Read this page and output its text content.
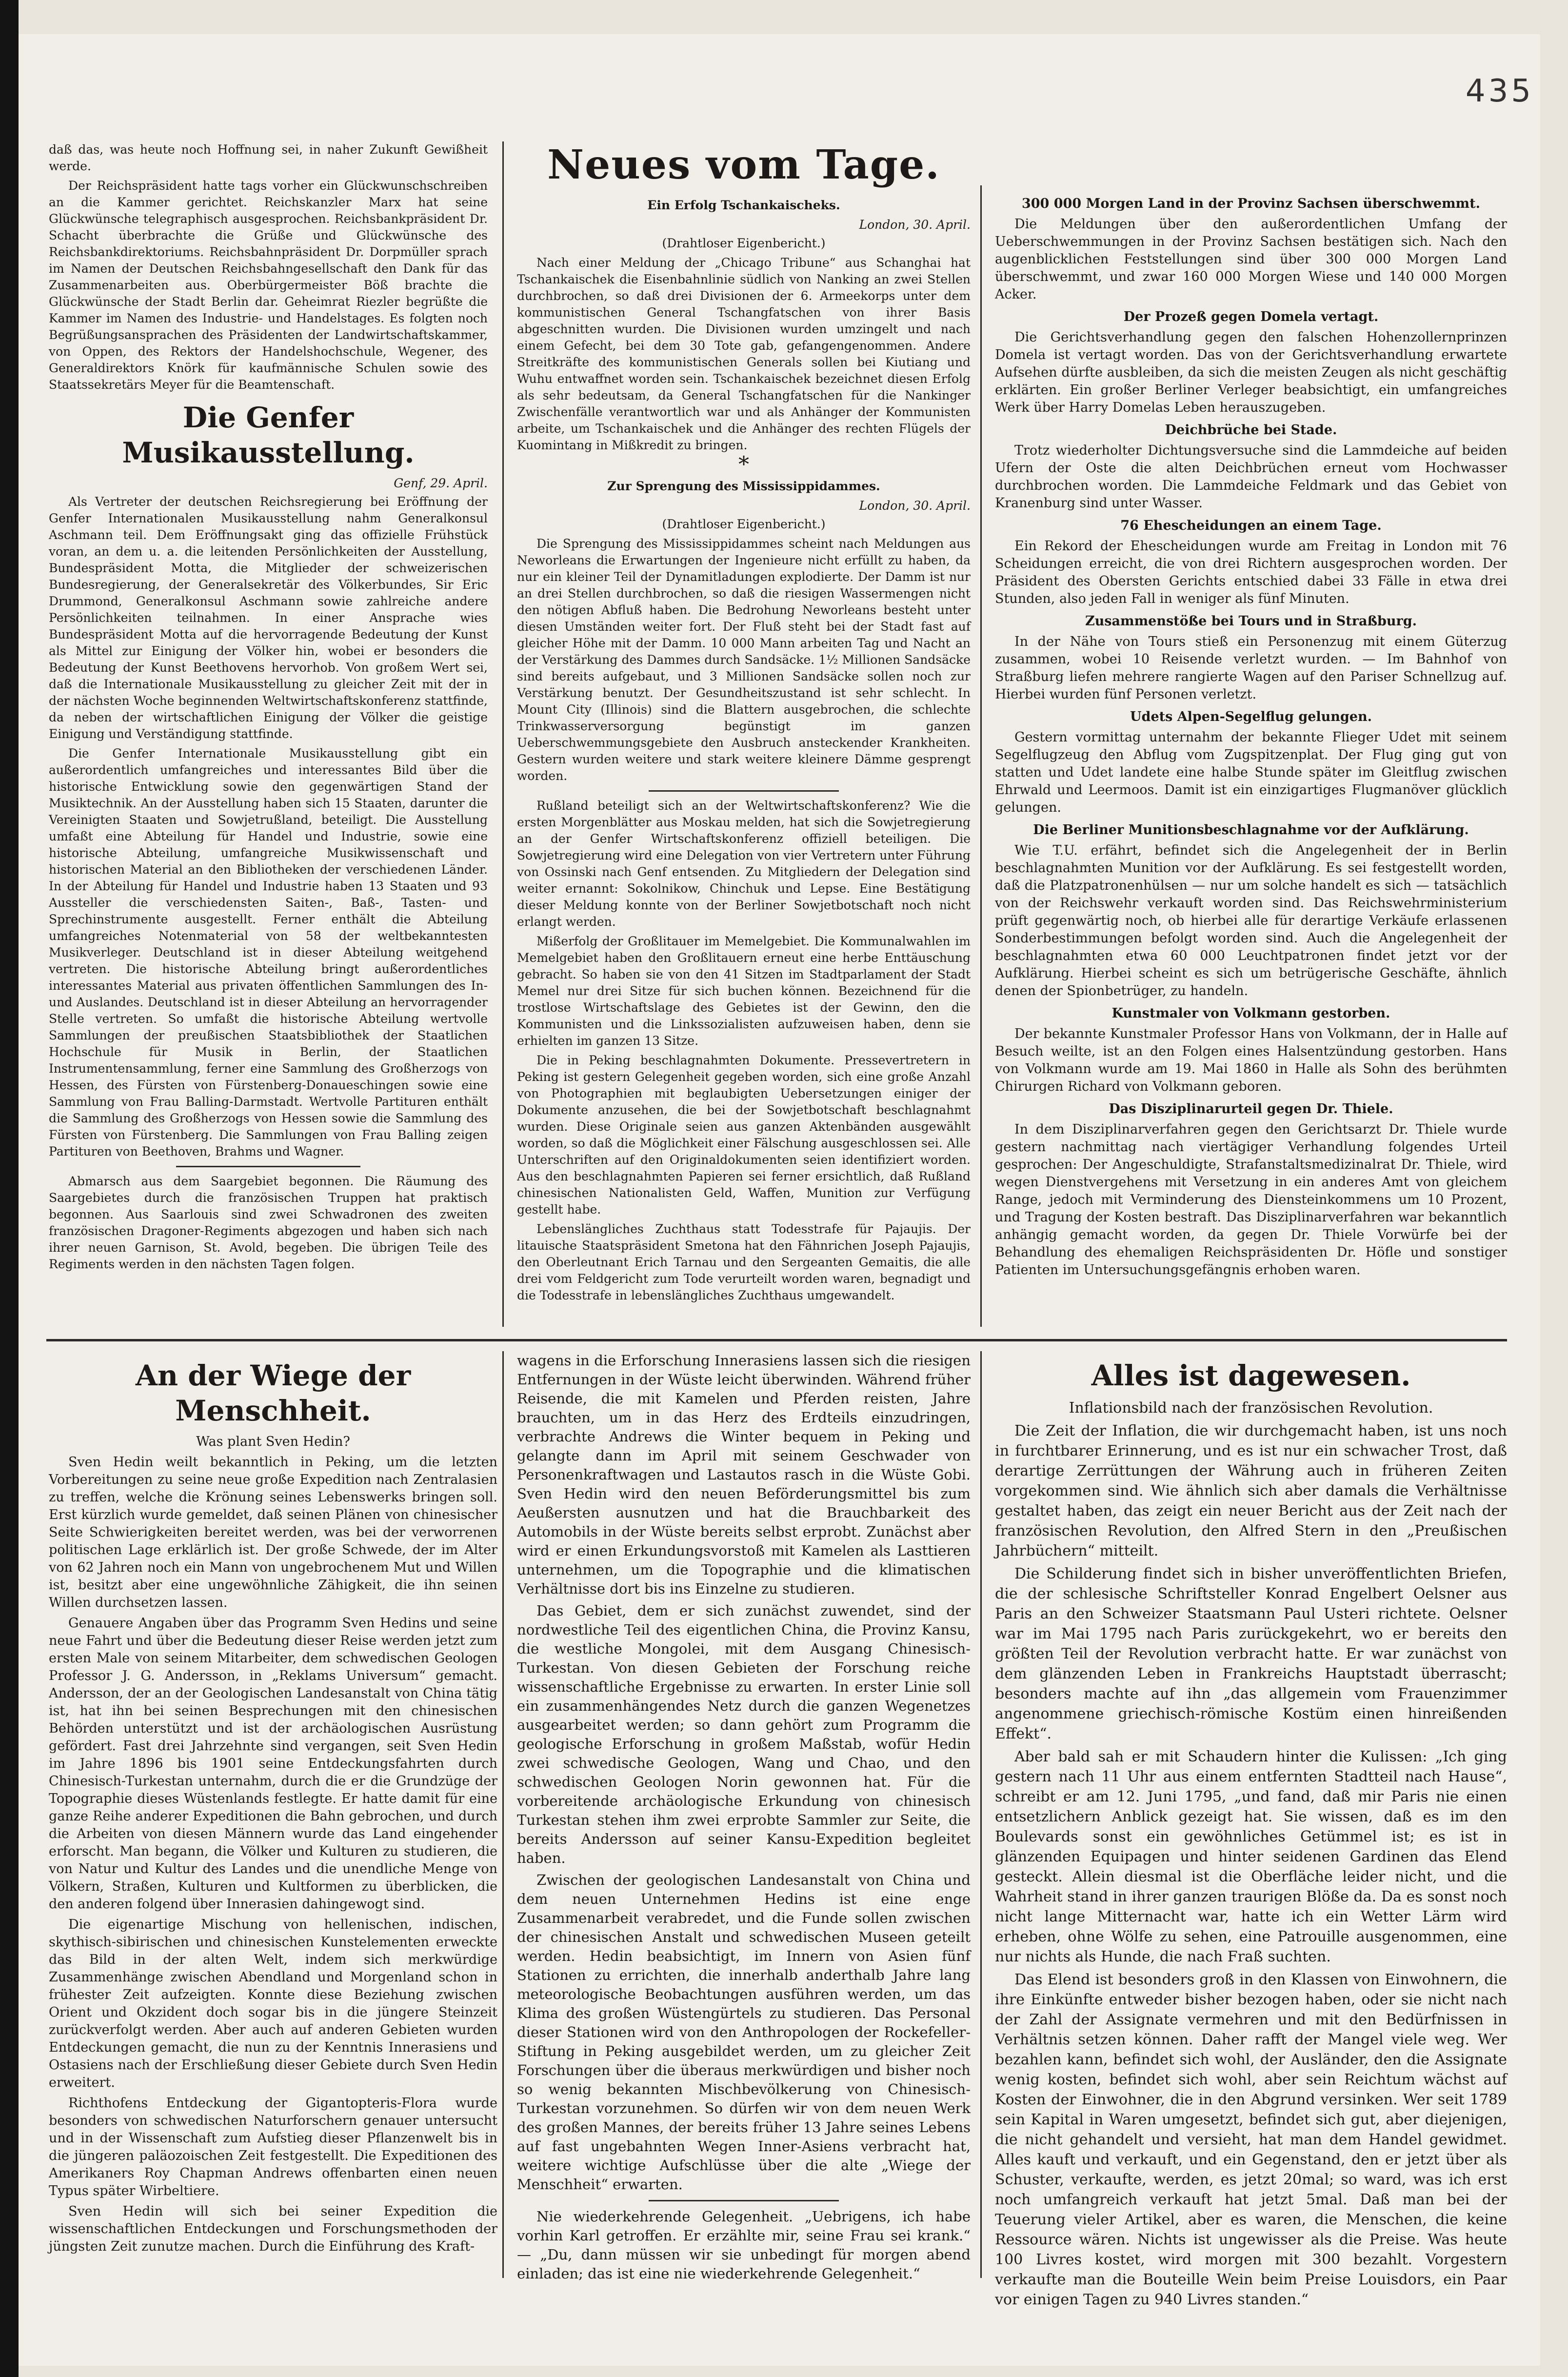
435

daß das, was heute noch Hoffnung sei, in naher Zukunft Gewißheit werde.

Der Reichspräsident hatte tags vorher ein Glückwunschschreiben an die Kammer gerichtet. Reichskanzler Marx hat seine Glückwünsche telegraphisch ausgesprochen. Reichsbankpräsident Dr. Schacht überbrachte die Grüße und Glückwünsche des Reichsbankdirektoriums. Reichsbahnpräsident Dr. Dorpmüller sprach im Namen der Deutschen Reichsbahngesellschaft den Dank für das Zusammenarbeiten aus. Oberbürgermeister Böß brachte die Glückwünsche der Stadt Berlin dar. Geheimrat Riezler begrüßte die Kammer im Namen des Industrie- und Handelstages. Es folgten noch Begrüßungsansprachen des Präsidenten der Landwirtschaftskammer, von Oppen, des Rektors der Handelshochschule, Wegener, des Generaldirektors Knörk für kaufmännische Schulen sowie des Staatssekretärs Meyer für die Beamtenschaft.

Die Genfer Musikausstellung.

Genf, 29. April.

Als Vertreter der deutschen Reichsregierung bei Eröffnung der Genfer Internationalen Musikausstellung nahm Generalkonsul Aschmann teil. Dem Eröffnungsakt ging das offizielle Frühstück voran, an dem u. a. die leitenden Persönlichkeiten der Ausstellung, Bundespräsident Motta, die Mitglieder der schweizerischen Bundesregierung, der Generalsekretär des Völkerbundes, Sir Eric Drummond, Generalkonsul Aschmann sowie zahlreiche andere Persönlichkeiten teilnahmen. In einer Ansprache wies Bundespräsident Motta auf die hervorragende Bedeutung der Kunst als Mittel zur Einigung der Völker hin, wobei er besonders die Bedeutung der Kunst Beethovens hervorhob. Von großem Wert sei, daß die Internationale Musikausstellung zu gleicher Zeit mit der in der nächsten Woche beginnenden Weltwirtschaftskonferenz stattfinde, da neben der wirtschaftlichen Einigung der Völker die geistige Einigung und Verständigung stattfinde.

Die Genfer Internationale Musikausstellung gibt ein außerordentlich umfangreiches und interessantes Bild über die historische Entwicklung sowie den gegenwärtigen Stand der Musiktechnik. An der Ausstellung haben sich 15 Staaten, darunter die Vereinigten Staaten und Sowjetrußland, beteiligt. Die Ausstellung umfaßt eine Abteilung für Handel und Industrie, sowie eine historische Abteilung, umfangreiche Musikwissenschaft und historischen Material an den Bibliotheken der verschiedenen Länder. In der Abteilung für Handel und Industrie haben 13 Staaten und 93 Aussteller die verschiedensten Saiten-, Baß-, Tasten- und Sprechinstrumente ausgestellt. Ferner enthält die Abteilung umfangreiches Notenmaterial von 58 der weltbekanntesten Musikverleger. Deutschland ist in dieser Abteilung weitgehend vertreten. Die historische Abteilung bringt außerordentliches interessantes Material aus privaten öffentlichen Sammlungen des In- und Auslandes. Deutschland ist in dieser Abteilung an hervorragender Stelle vertreten. So umfaßt die historische Abteilung wertvolle Sammlungen der preußischen Staatsbibliothek der Staatlichen Hochschule für Musik in Berlin, der Staatlichen Instrumentensammlung, ferner eine Sammlung des Großherzogs von Hessen, des Fürsten von Fürstenberg-Donaueschingen sowie eine Sammlung von Frau Balling-Darmstadt. Wertvolle Partituren enthält die Sammlung des Großherzogs von Hessen sowie die Sammlung des Fürsten von Fürstenberg. Die Sammlungen von Frau Balling zeigen Partituren von Beethoven, Brahms und Wagner.

Abmarsch aus dem Saargebiet begonnen. Die Räumung des Saargebietes durch die französischen Truppen hat praktisch begonnen. Aus Saarlouis sind zwei Schwadronen des zweiten französischen Dragoner-Regiments abgezogen und haben sich nach ihrer neuen Garnison, St. Avold, begeben. Die übrigen Teile des Regiments werden in den nächsten Tagen folgen.

Neues vom Tage.

Ein Erfolg Tschankaischeks.

London, 30. April.

(Drahtloser Eigenbericht.)

Nach einer Meldung der „Chicago Tribune“ aus Schanghai hat Tschankaischek die Eisenbahnlinie südlich von Nanking an zwei Stellen durchbrochen, so daß drei Divisionen der 6. Armeekorps unter dem kommunistischen General Tschangfatschen von ihrer Basis abgeschnitten wurden. Die Divisionen wurden umzingelt und nach einem Gefecht, bei dem 30 Tote gab, gefangengenommen. Andere Streitkräfte des kommunistischen Generals sollen bei Kiutiang und Wuhu entwaffnet worden sein. Tschankaischek bezeichnet diesen Erfolg als sehr bedeutsam, da General Tschangfatschen für die Nankinger Zwischenfälle verantwortlich war und als Anhänger der Kommunisten arbeite, um Tschankaischek und die Anhänger des rechten Flügels der Kuomintang in Mißkredit zu bringen.

*

Zur Sprengung des Mississippidammes.

London, 30. April.

(Drahtloser Eigenbericht.)

Die Sprengung des Mississippidammes scheint nach Meldungen aus Neworleans die Erwartungen der Ingenieure nicht erfüllt zu haben, da nur ein kleiner Teil der Dynamitladungen explodierte. Der Damm ist nur an drei Stellen durchbrochen, so daß die riesigen Wassermengen nicht den nötigen Abfluß haben. Die Bedrohung Neworleans besteht unter diesen Umständen weiter fort. Der Fluß steht bei der Stadt fast auf gleicher Höhe mit der Damm. 10 000 Mann arbeiten Tag und Nacht an der Verstärkung des Dammes durch Sandsäcke. 1½ Millionen Sandsäcke sind bereits aufgebaut, und 3 Millionen Sandsäcke sollen noch zur Verstärkung benutzt. Der Gesundheitszustand ist sehr schlecht. In Mount City (Illinois) sind die Blattern ausgebrochen, die schlechte Trinkwasserversorgung begünstigt im ganzen Ueberschwemmungsgebiete den Ausbruch ansteckender Krankheiten. Gestern wurden weitere und stark weitere kleinere Dämme gesprengt worden.

Rußland beteiligt sich an der Weltwirtschaftskonferenz? Wie die ersten Morgenblätter aus Moskau melden, hat sich die Sowjetregierung an der Genfer Wirtschaftskonferenz offiziell beteiligen. Die Sowjetregierung wird eine Delegation von vier Vertretern unter Führung von Ossinski nach Genf entsenden. Zu Mitgliedern der Delegation sind weiter ernannt: Sokolnikow, Chinchuk und Lepse. Eine Bestätigung dieser Meldung konnte von der Berliner Sowjetbotschaft noch nicht erlangt werden.

Mißerfolg der Großlitauer im Memelgebiet. Die Kommunalwahlen im Memelgebiet haben den Großlitauern erneut eine herbe Enttäuschung gebracht. So haben sie von den 41 Sitzen im Stadtparlament der Stadt Memel nur drei Sitze für sich buchen können. Bezeichnend für die trostlose Wirtschaftslage des Gebietes ist der Gewinn, den die Kommunisten und die Linkssozialisten aufzuweisen haben, denn sie erhielten im ganzen 13 Sitze.

Die in Peking beschlagnahmten Dokumente. Pressevertretern in Peking ist gestern Gelegenheit gegeben worden, sich eine große Anzahl von Photographien mit beglaubigten Uebersetzungen einiger der Dokumente anzusehen, die bei der Sowjetbotschaft beschlagnahmt wurden. Diese Originale seien aus ganzen Aktenbänden ausgewählt worden, so daß die Möglichkeit einer Fälschung ausgeschlossen sei. Alle Unterschriften auf den Originaldokumenten seien identifiziert worden. Aus den beschlagnahmten Papieren sei ferner ersichtlich, daß Rußland chinesischen Nationalisten Geld, Waffen, Munition zur Verfügung gestellt habe.

Lebenslängliches Zuchthaus statt Todesstrafe für Pajaujis. Der litauische Staatspräsident Smetona hat den Fähnrichen Joseph Pajaujis, den Oberleutnant Erich Tarnau und den Sergeanten Gemaitis, die alle drei vom Feldgericht zum Tode verurteilt worden waren, begnadigt und die Todesstrafe in lebenslängliches Zuchthaus umgewandelt.

300 000 Morgen Land in der Provinz Sachsen überschwemmt.

Die Meldungen über den außerordentlichen Umfang der Ueberschwemmungen in der Provinz Sachsen bestätigen sich. Nach den augenblicklichen Feststellungen sind über 300 000 Morgen Land überschwemmt, und zwar 160 000 Morgen Wiese und 140 000 Morgen Acker.

Der Prozeß gegen Domela vertagt.

Die Gerichtsverhandlung gegen den falschen Hohenzollernprinzen Domela ist vertagt worden. Das von der Gerichtsverhandlung erwartete Aufsehen dürfte ausbleiben, da sich die meisten Zeugen als nicht geschäftig erklärten. Ein großer Berliner Verleger beabsichtigt, ein umfangreiches Werk über Harry Domelas Leben herauszugeben.

Deichbrüche bei Stade.

Trotz wiederholter Dichtungsversuche sind die Lammdeiche auf beiden Ufern der Oste die alten Deichbrüchen erneut vom Hochwasser durchbrochen worden. Die Lammdeiche Feldmark und das Gebiet von Kranenburg sind unter Wasser.

76 Ehescheidungen an einem Tage.

Ein Rekord der Ehescheidungen wurde am Freitag in London mit 76 Scheidungen erreicht, die von drei Richtern ausgesprochen worden. Der Präsident des Obersten Gerichts entschied dabei 33 Fälle in etwa drei Stunden, also jeden Fall in weniger als fünf Minuten.

Zusammenstöße bei Tours und in Straßburg.

In der Nähe von Tours stieß ein Personenzug mit einem Güterzug zusammen, wobei 10 Reisende verletzt wurden. — Im Bahnhof von Straßburg liefen mehrere rangierte Wagen auf den Pariser Schnellzug auf. Hierbei wurden fünf Personen verletzt.

Udets Alpen-Segelflug gelungen.

Gestern vormittag unternahm der bekannte Flieger Udet mit seinem Segelflugzeug den Abflug vom Zugspitzenplat. Der Flug ging gut von statten und Udet landete eine halbe Stunde später im Gleitflug zwischen Ehrwald und Leermoos. Damit ist ein einzigartiges Flugmanöver glücklich gelungen.

Die Berliner Munitionsbeschlagnahme vor der Aufklärung.

Wie T.U. erfährt, befindet sich die Angelegenheit der in Berlin beschlagnahmten Munition vor der Aufklärung. Es sei festgestellt worden, daß die Platzpatronenhülsen — nur um solche handelt es sich — tatsächlich von der Reichswehr verkauft worden sind. Das Reichswehrministerium prüft gegenwärtig noch, ob hierbei alle für derartige Verkäufe erlassenen Sonderbestimmungen befolgt worden sind. Auch die Angelegenheit der beschlagnahmten etwa 60 000 Leuchtpatronen findet jetzt vor der Aufklärung. Hierbei scheint es sich um betrügerische Geschäfte, ähnlich denen der Spionbetrüger, zu handeln.

Kunstmaler von Volkmann gestorben.

Der bekannte Kunstmaler Professor Hans von Volkmann, der in Halle auf Besuch weilte, ist an den Folgen eines Halsentzündung gestorben. Hans von Volkmann wurde am 19. Mai 1860 in Halle als Sohn des berühmten Chirurgen Richard von Volkmann geboren.

Das Disziplinarurteil gegen Dr. Thiele.

In dem Disziplinarverfahren gegen den Gerichtsarzt Dr. Thiele wurde gestern nachmittag nach viertägiger Verhandlung folgendes Urteil gesprochen: Der Angeschuldigte, Strafanstaltsmedizinalrat Dr. Thiele, wird wegen Dienstvergehens mit Versetzung in ein anderes Amt von gleichem Range, jedoch mit Verminderung des Diensteinkommens um 10 Prozent, und Tragung der Kosten bestraft. Das Disziplinarverfahren war bekanntlich anhängig gemacht worden, da gegen Dr. Thiele Vorwürfe bei der Behandlung des ehemaligen Reichspräsidenten Dr. Höfle und sonstiger Patienten im Untersuchungsgefängnis erhoben waren.

An der Wiege der Menschheit.

Was plant Sven Hedin?

Sven Hedin weilt bekanntlich in Peking, um die letzten Vorbereitungen zu seine neue große Expedition nach Zentralasien zu treffen, welche die Krönung seines Lebenswerks bringen soll. Erst kürzlich wurde gemeldet, daß seinen Plänen von chinesischer Seite Schwierigkeiten bereitet werden, was bei der verworrenen politischen Lage erklärlich ist. Der große Schwede, der im Alter von 62 Jahren noch ein Mann von ungebrochenem Mut und Willen ist, besitzt aber eine ungewöhnliche Zähigkeit, die ihn seinen Willen durchsetzen lassen.

Genauere Angaben über das Programm Sven Hedins und seine neue Fahrt und über die Bedeutung dieser Reise werden jetzt zum ersten Male von seinem Mitarbeiter, dem schwedischen Geologen Professor J. G. Andersson, in „Reklams Universum“ gemacht. Andersson, der an der Geologischen Landesanstalt von China tätig ist, hat ihn bei seinen Besprechungen mit den chinesischen Behörden unterstützt und ist der archäologischen Ausrüstung gefördert. Fast drei Jahrzehnte sind vergangen, seit Sven Hedin im Jahre 1896 bis 1901 seine Entdeckungsfahrten durch Chinesisch-Turkestan unternahm, durch die er die Grundzüge der Topographie dieses Wüstenlands festlegte. Er hatte damit für eine ganze Reihe anderer Expeditionen die Bahn gebrochen, und durch die Arbeiten von diesen Männern wurde das Land eingehender erforscht. Man begann, die Völker und Kulturen zu studieren, die von Natur und Kultur des Landes und die unendliche Menge von Völkern, Straßen, Kulturen und Kultformen zu überblicken, die den anderen folgend über Innerasien dahingewogt sind.

Die eigenartige Mischung von hellenischen, indischen, skythisch-sibirischen und chinesischen Kunstelementen erweckte das Bild in der alten Welt, indem sich merkwürdige Zusammenhänge zwischen Abendland und Morgenland schon in frühester Zeit aufzeigten. Konnte diese Beziehung zwischen Orient und Okzident doch sogar bis in die jüngere Steinzeit zurückverfolgt werden. Aber auch auf anderen Gebieten wurden Entdeckungen gemacht, die nun zu der Kenntnis Innerasiens und Ostasiens nach der Erschließung dieser Gebiete durch Sven Hedin erweitert.

Richthofens Entdeckung der Gigantopteris-Flora wurde besonders von schwedischen Naturforschern genauer untersucht und in der Wissenschaft zum Aufstieg dieser Pflanzenwelt bis in die jüngeren paläozoischen Zeit festgestellt. Die Expeditionen des Amerikaners Roy Chapman Andrews offenbarten einen neuen Typus später Wirbeltiere.

Sven Hedin will sich bei seiner Expedition die wissenschaftlichen Entdeckungen und Forschungsmethoden der jüngsten Zeit zunutze machen. Durch die Einführung des Kraft-

wagens in die Erforschung Innerasiens lassen sich die riesigen Entfernungen in der Wüste leicht überwinden. Während früher Reisende, die mit Kamelen und Pferden reisten, Jahre brauchten, um in das Herz des Erdteils einzudringen, verbrachte Andrews die Winter bequem in Peking und gelangte dann im April mit seinem Geschwader von Personenkraftwagen und Lastautos rasch in die Wüste Gobi. Sven Hedin wird den neuen Beförderungsmittel bis zum Aeußersten ausnutzen und hat die Brauchbarkeit des Automobils in der Wüste bereits selbst erprobt. Zunächst aber wird er einen Erkundungsvorstoß mit Kamelen als Lasttieren unternehmen, um die Topographie und die klimatischen Verhältnisse dort bis ins Einzelne zu studieren.

Das Gebiet, dem er sich zunächst zuwendet, sind der nordwestliche Teil des eigentlichen China, die Provinz Kansu, die westliche Mongolei, mit dem Ausgang Chinesisch-Turkestan. Von diesen Gebieten der Forschung reiche wissenschaftliche Ergebnisse zu erwarten. In erster Linie soll ein zusammenhängendes Netz durch die ganzen Wegenetzes ausgearbeitet werden; so dann gehört zum Programm die geologische Erforschung in großem Maßstab, wofür Hedin zwei schwedische Geologen, Wang und Chao, und den schwedischen Geologen Norin gewonnen hat. Für die vorbereitende archäologische Erkundung von chinesisch Turkestan stehen ihm zwei erprobte Sammler zur Seite, die bereits Andersson auf seiner Kansu-Expedition begleitet haben.

Zwischen der geologischen Landesanstalt von China und dem neuen Unternehmen Hedins ist eine enge Zusammenarbeit verabredet, und die Funde sollen zwischen der chinesischen Anstalt und schwedischen Museen geteilt werden. Hedin beabsichtigt, im Innern von Asien fünf Stationen zu errichten, die innerhalb anderthalb Jahre lang meteorologische Beobachtungen ausführen werden, um das Klima des großen Wüstengürtels zu studieren. Das Personal dieser Stationen wird von den Anthropologen der Rockefeller-Stiftung in Peking ausgebildet werden, um zu gleicher Zeit Forschungen über die überaus merkwürdigen und bisher noch so wenig bekannten Mischbevölkerung von Chinesisch-Turkestan vorzunehmen. So dürfen wir von dem neuen Werk des großen Mannes, der bereits früher 13 Jahre seines Lebens auf fast ungebahnten Wegen Inner-Asiens verbracht hat, weitere wichtige Aufschlüsse über die alte „Wiege der Menschheit“ erwarten.

Nie wiederkehrende Gelegenheit. „Uebrigens, ich habe vorhin Karl getroffen. Er erzählte mir, seine Frau sei krank.“ — „Du, dann müssen wir sie unbedingt für morgen abend einladen; das ist eine nie wiederkehrende Gelegenheit.“

Alles ist dagewesen.

Inflationsbild nach der französischen Revolution.

Die Zeit der Inflation, die wir durchgemacht haben, ist uns noch in furchtbarer Erinnerung, und es ist nur ein schwacher Trost, daß derartige Zerrüttungen der Währung auch in früheren Zeiten vorgekommen sind. Wie ähnlich sich aber damals die Verhältnisse gestaltet haben, das zeigt ein neuer Bericht aus der Zeit nach der französischen Revolution, den Alfred Stern in den „Preußischen Jahrbüchern“ mitteilt.

Die Schilderung findet sich in bisher unveröffentlichten Briefen, die der schlesische Schriftsteller Konrad Engelbert Oelsner aus Paris an den Schweizer Staatsmann Paul Usteri richtete. Oelsner war im Mai 1795 nach Paris zurückgekehrt, wo er bereits den größten Teil der Revolution verbracht hatte. Er war zunächst von dem glänzenden Leben in Frankreichs Hauptstadt überrascht; besonders machte auf ihn „das allgemein vom Frauenzimmer angenommene griechisch-römische Kostüm einen hinreißenden Effekt“.

Aber bald sah er mit Schaudern hinter die Kulissen: „Ich ging gestern nach 11 Uhr aus einem entfernten Stadtteil nach Hause“, schreibt er am 12. Juni 1795, „und fand, daß mir Paris nie einen entsetzlichern Anblick gezeigt hat. Sie wissen, daß es im den Boulevards sonst ein gewöhnliches Getümmel ist; es ist in glänzenden Equipagen und hinter seidenen Gardinen das Elend gesteckt. Allein diesmal ist die Oberfläche leider nicht, und die Wahrheit stand in ihrer ganzen traurigen Blöße da. Da es sonst noch nicht lange Mitternacht war, hatte ich ein Wetter Lärm wird erheben, ohne Wölfe zu sehen, eine Patrouille ausgenommen, eine nur nichts als Hunde, die nach Fraß suchten.

Das Elend ist besonders groß in den Klassen von Einwohnern, die ihre Einkünfte entweder bisher bezogen haben, oder sie nicht nach der Zahl der Assignate vermehren und mit den Bedürfnissen in Verhältnis setzen können. Daher rafft der Mangel viele weg. Wer bezahlen kann, befindet sich wohl, der Ausländer, den die Assignate wenig kosten, befindet sich wohl, aber sein Reichtum wächst auf Kosten der Einwohner, die in den Abgrund versinken. Wer seit 1789 sein Kapital in Waren umgesetzt, befindet sich gut, aber diejenigen, die nicht gehandelt und versieht, hat man dem Handel gewidmet. Alles kauft und verkauft, und ein Gegenstand, den er jetzt über als Schuster, verkaufte, werden, es jetzt 20mal; so ward, was ich erst noch umfangreich verkauft hat jetzt 5mal. Daß man bei der Teuerung vieler Artikel, aber es waren, die Menschen, die keine Ressource wären. Nichts ist ungewisser als die Preise. Was heute 100 Livres kostet, wird morgen mit 300 bezahlt. Vorgestern verkaufte man die Bouteille Wein beim Preise Louisdors, ein Paar vor einigen Tagen zu 940 Livres standen.“
